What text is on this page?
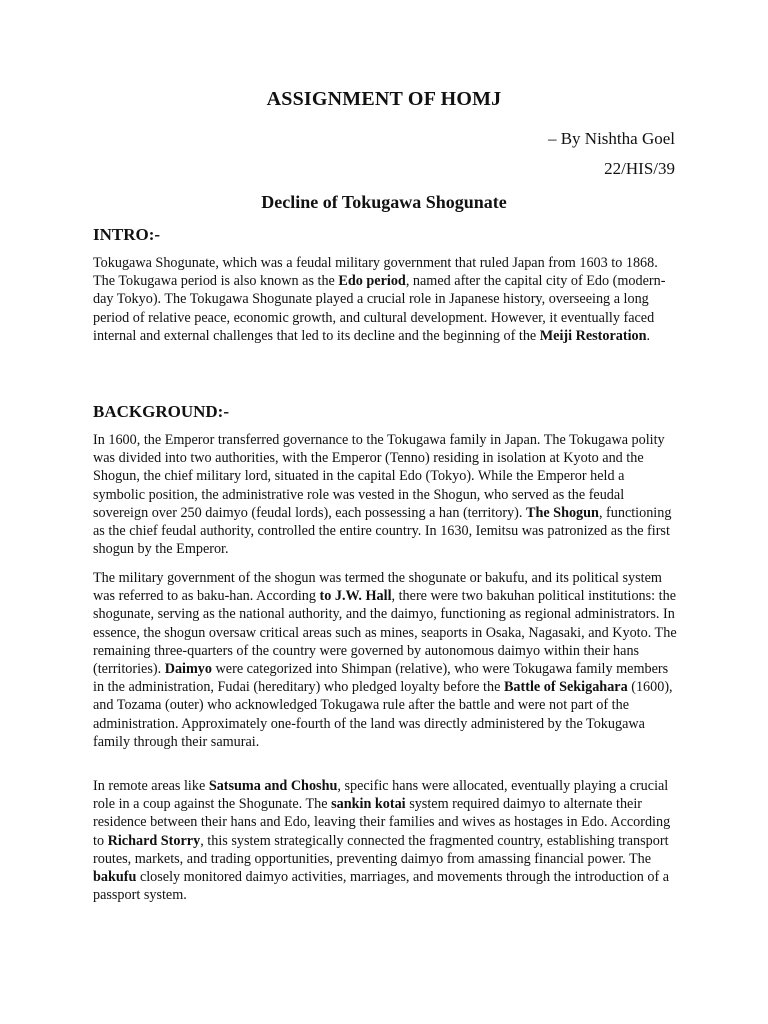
ASSIGNMENT OF HOMJ
– By Nishtha Goel
22/HIS/39
Decline of Tokugawa Shogunate
INTRO:-
Tokugawa Shogunate, which was a feudal military government that ruled Japan from 1603 to 1868. The Tokugawa period is also known as the Edo period, named after the capital city of Edo (modern-day Tokyo). The Tokugawa Shogunate played a crucial role in Japanese history, overseeing a long period of relative peace, economic growth, and cultural development. However, it eventually faced internal and external challenges that led to its decline and the beginning of the Meiji Restoration.
BACKGROUND:-
In 1600, the Emperor transferred governance to the Tokugawa family in Japan. The Tokugawa polity was divided into two authorities, with the Emperor (Tenno) residing in isolation at Kyoto and the Shogun, the chief military lord, situated in the capital Edo (Tokyo). While the Emperor held a symbolic position, the administrative role was vested in the Shogun, who served as the feudal sovereign over 250 daimyo (feudal lords), each possessing a han (territory). The Shogun, functioning as the chief feudal authority, controlled the entire country. In 1630, Iemitsu was patronized as the first shogun by the Emperor.
The military government of the shogun was termed the shogunate or bakufu, and its political system was referred to as baku-han. According to J.W. Hall, there were two bakuhan political institutions: the shogunate, serving as the national authority, and the daimyo, functioning as regional administrators. In essence, the shogun oversaw critical areas such as mines, seaports in Osaka, Nagasaki, and Kyoto. The remaining three-quarters of the country were governed by autonomous daimyo within their hans (territories). Daimyo were categorized into Shimpan (relative), who were Tokugawa family members in the administration, Fudai (hereditary) who pledged loyalty before the Battle of Sekigahara (1600), and Tozama (outer) who acknowledged Tokugawa rule after the battle and were not part of the administration. Approximately one-fourth of the land was directly administered by the Tokugawa family through their samurai.
In remote areas like Satsuma and Choshu, specific hans were allocated, eventually playing a crucial role in a coup against the Shogunate. The sankin kotai system required daimyo to alternate their residence between their hans and Edo, leaving their families and wives as hostages in Edo. According to Richard Storry, this system strategically connected the fragmented country, establishing transport routes, markets, and trading opportunities, preventing daimyo from amassing financial power. The bakufu closely monitored daimyo activities, marriages, and movements through the introduction of a passport system.
